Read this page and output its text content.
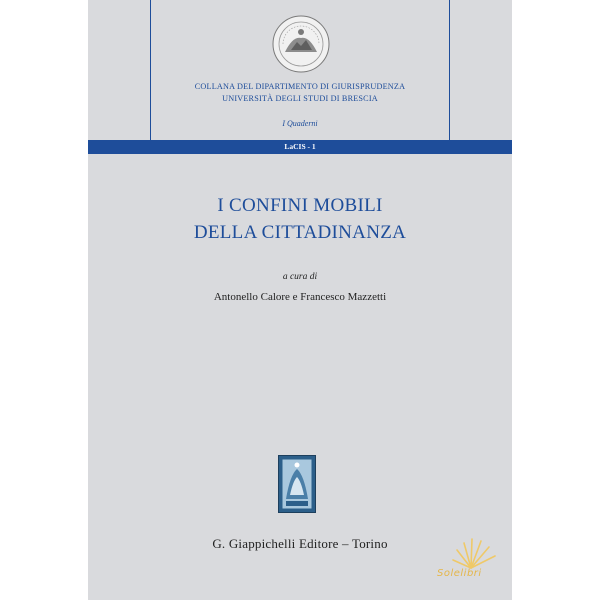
COLLANA DEL DIPARTIMENTO DI GIURISPRUDENZA
UNIVERSITÀ DEGLI STUDI DI BRESCIA
I Quaderni
LaCIS - 1
I CONFINI MOBILI
DELLA CITTADINANZA
a cura di
Antonello Calore e Francesco Mazzetti
G. Giappichelli Editore – Torino
Solelibri
